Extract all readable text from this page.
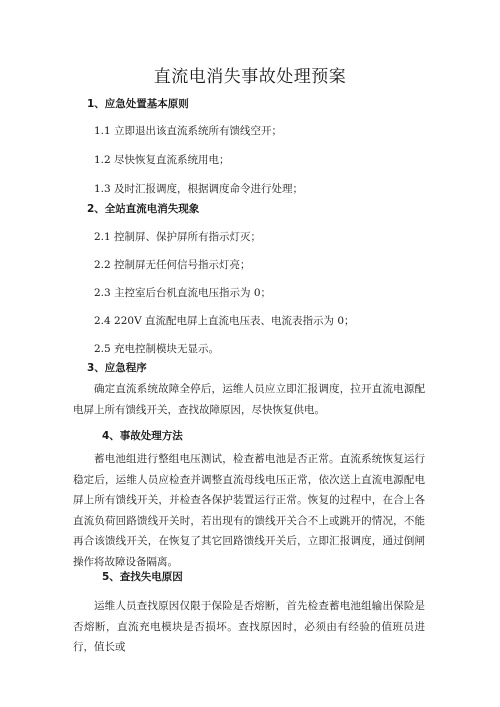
直流电消失事故处理预案
1、应急处置基本原则
1.1 立即退出该直流系统所有馈线空开；
1.2 尽快恢复直流系统用电；
1.3 及时汇报调度，根据调度命令进行处理；
2、全站直流电消失现象
2.1 控制屏、保护屏所有指示灯灭；
2.2 控制屏无任何信号指示灯亮；
2.3 主控室后台机直流电压指示为 0；
2.4 220V 直流配电屏上直流电压表、电流表指示为 0；
2.5 充电控制模块无显示。
3、应急程序
确定直流系统故障全停后，运维人员应立即汇报调度，拉开直流电源配电屏上所有馈线开关，查找故障原因，尽快恢复供电。
4、事故处理方法
蓄电池组进行整组电压测试，检查蓄电池是否正常。直流系统恢复运行稳定后，运维人员应检查并调整直流母线电压正常，依次送上直流电源配电屏上所有馈线开关，并检查各保护装置运行正常。恢复的过程中，在合上各直流负荷回路馈线开关时，若出现有的馈线开关合不上或跳开的情况，不能再合该馈线开关，在恢复了其它回路馈线开关后，立即汇报调度，通过倒闸操作将故障设备隔离。
5、查找失电原因
运维人员查找原因仅限于保险是否熔断，首先检查蓄电池组输出保险是否熔断，直流充电模块是否损坏。查找原因时，必须由有经验的值班员进行，值长或
